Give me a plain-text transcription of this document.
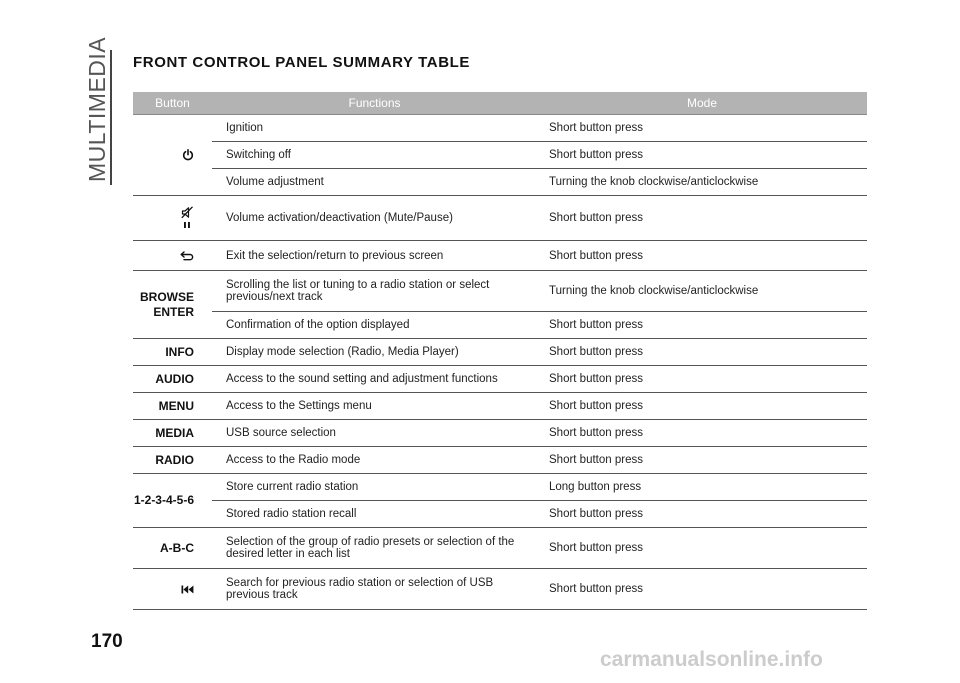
MULTIMEDIA FRONT CONTROL PANEL SUMMARY TABLE
Button	Functions	Mode

	Ignition	Short button press
	Switching off	Short button press
	Volume adjustment	Turning the knob clockwise/anticlockwise

	Volume activation/deactivation (Mute/Pause)	Short button press

	Exit the selection/return to previous screen	Short button press

BROWSE
ENTER	Scrolling the list or tuning to a radio station or select previous/next track	Turning the knob clockwise/anticlockwise
	Confirmation of the option displayed	Short button press
INFO	Display mode selection (Radio, Media Player)	Short button press
AUDIO	Access to the sound setting and adjustment functions	Short button press
MENU	Access to the Settings menu	Short button press
MEDIA	USB source selection	Short button press
RADIO	Access to the Radio mode	Short button press
1-2-3-4-5-6	Store current radio station	Long button press
	Stored radio station recall	Short button press
A-B-C	Selection of the group of radio presets or selection of the desired letter in each list	Short button press

	Search for previous radio station or selection of USB previous track	Short button press
170
carmanualsonline.info
